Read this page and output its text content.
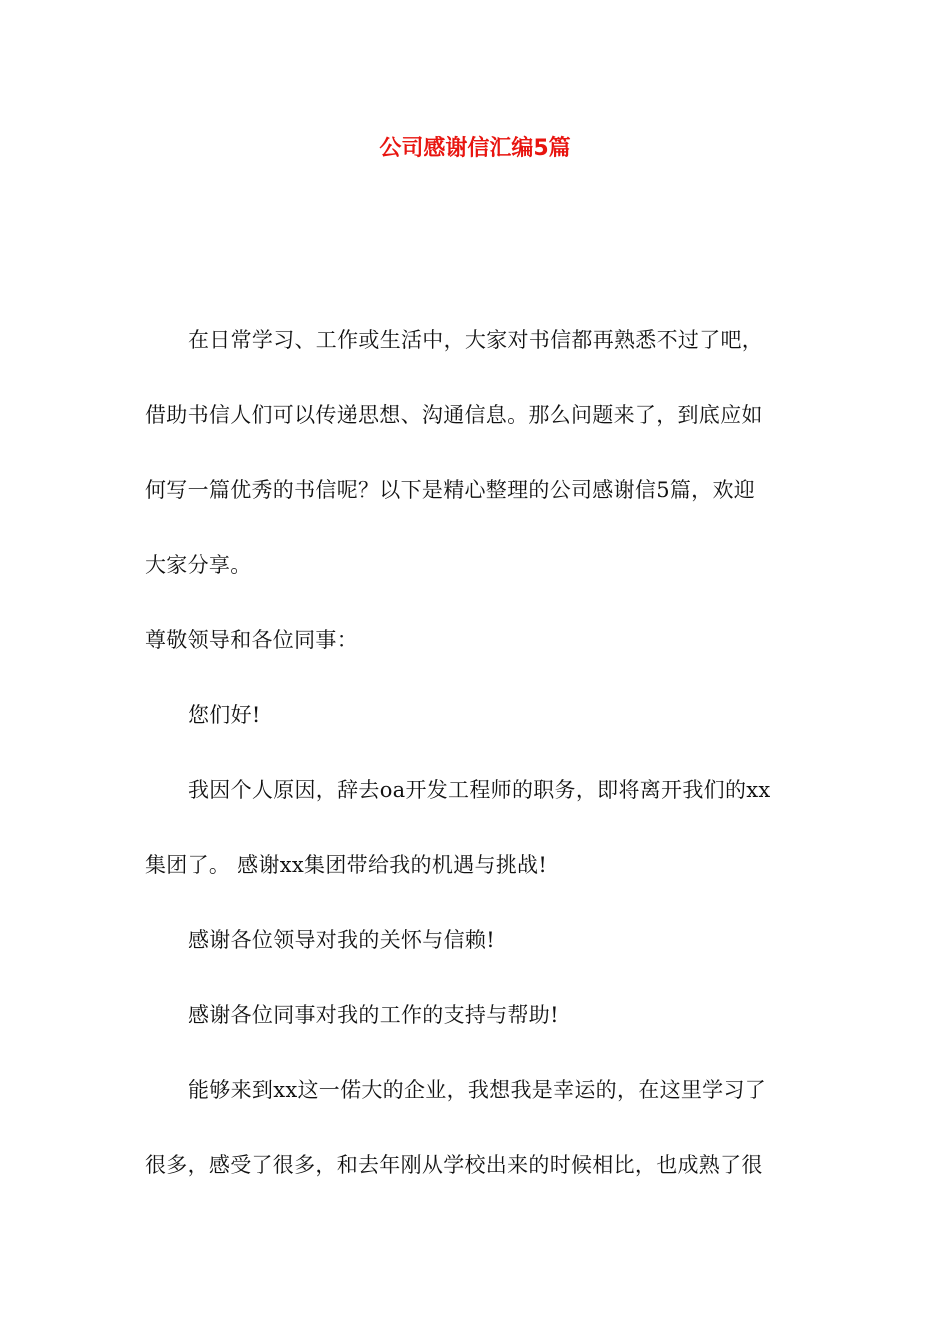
公司感谢信汇编5篇

在日常学习、工作或生活中，大家对书信都再熟悉不过了吧，

借助书信人们可以传递思想、沟通信息。那么问题来了，到底应如

何写一篇优秀的书信呢？以下是精心整理的公司感谢信5篇，欢迎

大家分享。

尊敬领导和各位同事：

您们好!

我因个人原因，辞去oa开发工程师的职务，即将离开我们的xx

集团了。 感谢xx集团带给我的机遇与挑战!

感谢各位领导对我的关怀与信赖!

感谢各位同事对我的工作的支持与帮助!

能够来到xx这一偌大的企业，我想我是幸运的，在这里学习了

很多，感受了很多，和去年刚从学校出来的时候相比，也成熟了很
